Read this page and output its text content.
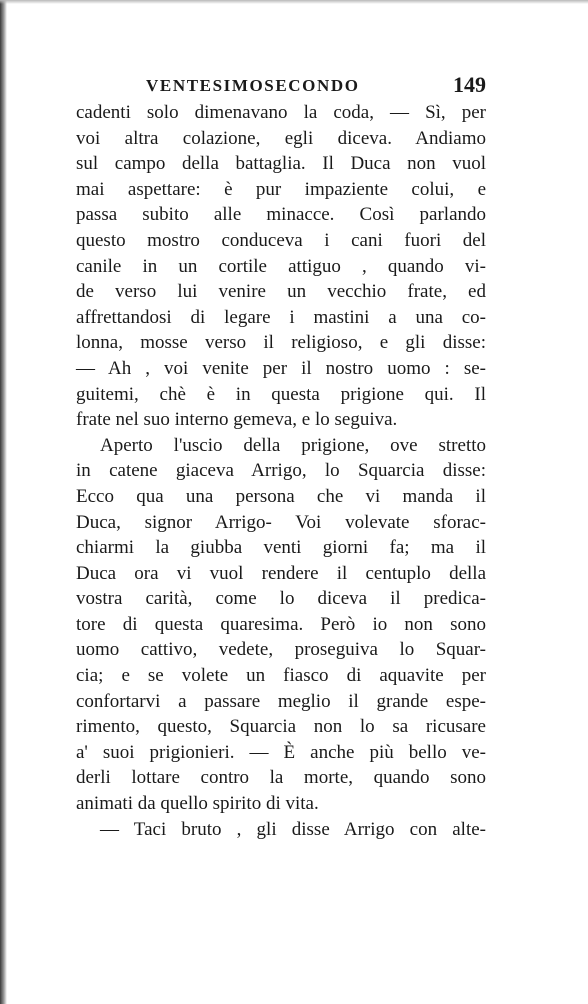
VENTESIMOSECONDO	149
cadenti solo dimenavano la coda, — Sì, per
voi altra colazione, egli diceva. Andiamo
sul campo della battaglia. Il Duca non vuol
mai aspettare: è pur impaziente colui, e
passa subito alle minacce. Così parlando
questo mostro conduceva i cani fuori del
canile in un cortile attiguo , quando vi-
de verso lui venire un vecchio frate, ed
affrettandosi di legare i mastini a una co-
lonna, mosse verso il religioso, e gli disse:
— Ah , voi venite per il nostro uomo : se-
guitemi, chè è in questa prigione qui. Il
frate nel suo interno gemeva, e lo seguiva.
Aperto l'uscio della prigione, ove stretto
in catene giaceva Arrigo, lo Squarcia disse:
Ecco qua una persona che vi manda il
Duca, signor Arrigo- Voi volevate sforac-
chiarmi la giubba venti giorni fa; ma il
Duca ora vi vuol rendere il centuplo della
vostra carità, come lo diceva il predica-
tore di questa quaresima. Però io non sono
uomo cattivo, vedete, proseguiva lo Squar-
cia; e se volete un fiasco di aquavite per
confortarvi a passare meglio il grande espe-
rimento, questo, Squarcia non lo sa ricusare
a' suoi prigionieri. — È anche più bello ve-
derli lottare contro la morte, quando sono
animati da quello spirito di vita.
— Taci bruto , gli disse Arrigo con alte-
